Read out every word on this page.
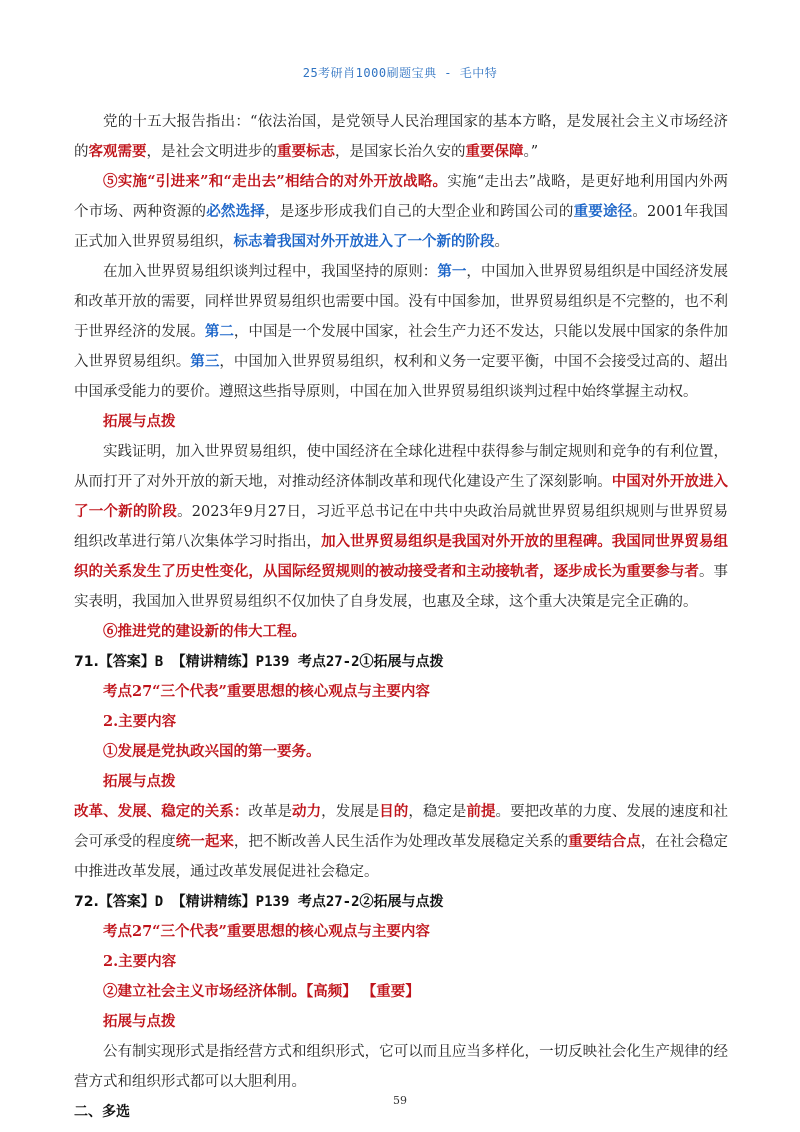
25考研肖1000刷题宝典 - 毛中特

党的十五大报告指出：“依法治国，是党领导人民治理国家的基本方略，是发展社会主义市场经济的客观需要，是社会文明进步的重要标志，是国家长治久安的重要保障。”

⑤实施“引进来”和“走出去”相结合的对外开放战略。实施“走出去”战略，是更好地利用国内外两个市场、两种资源的必然选择，是逐步形成我们自己的大型企业和跨国公司的重要途径。2001年我国正式加入世界贸易组织，标志着我国对外开放进入了一个新的阶段。

在加入世界贸易组织谈判过程中，我国坚持的原则：第一，中国加入世界贸易组织是中国经济发展和改革开放的需要，同样世界贸易组织也需要中国。没有中国参加，世界贸易组织是不完整的，也不利于世界经济的发展。第二，中国是一个发展中国家，社会生产力还不发达，只能以发展中国家的条件加入世界贸易组织。第三，中国加入世界贸易组织，权利和义务一定要平衡，中国不会接受过高的、超出中国承受能力的要价。遵照这些指导原则，中国在加入世界贸易组织谈判过程中始终掌握主动权。

拓展与点拨

实践证明，加入世界贸易组织，使中国经济在全球化进程中获得参与制定规则和竞争的有利位置，从而打开了对外开放的新天地，对推动经济体制改革和现代化建设产生了深刻影响。中国对外开放进入了一个新的阶段。2023年9月27日，习近平总书记在中共中央政治局就世界贸易组织规则与世界贸易组织改革进行第八次集体学习时指出，加入世界贸易组织是我国对外开放的里程碑。我国同世界贸易组织的关系发生了历史性变化，从国际经贸规则的被动接受者和主动接轨者，逐步成长为重要参与者。事实表明，我国加入世界贸易组织不仅加快了自身发展，也惠及全球，这个重大决策是完全正确的。

⑥推进党的建设新的伟大工程。
71.【答案】B 【精讲精练】P139 考点27-2①拓展与点拨
考点27“三个代表”重要思想的核心观点与主要内容
2.主要内容
①发展是党执政兴国的第一要务。
拓展与点拨

改革、发展、稳定的关系：改革是动力，发展是目的，稳定是前提。要把改革的力度、发展的速度和社会可承受的程度统一起来，把不断改善人民生活作为处理改革发展稳定关系的重要结合点，在社会稳定中推进改革发展，通过改革发展促进社会稳定。

72.【答案】D 【精讲精练】P139 考点27-2②拓展与点拨
考点27“三个代表”重要思想的核心观点与主要内容
2.主要内容
②建立社会主义市场经济体制。【高频】 【重要】
拓展与点拨

公有制实现形式是指经营方式和组织形式，它可以而且应当多样化，一切反映社会化生产规律的经营方式和组织形式都可以大胆利用。

二、多选
59
